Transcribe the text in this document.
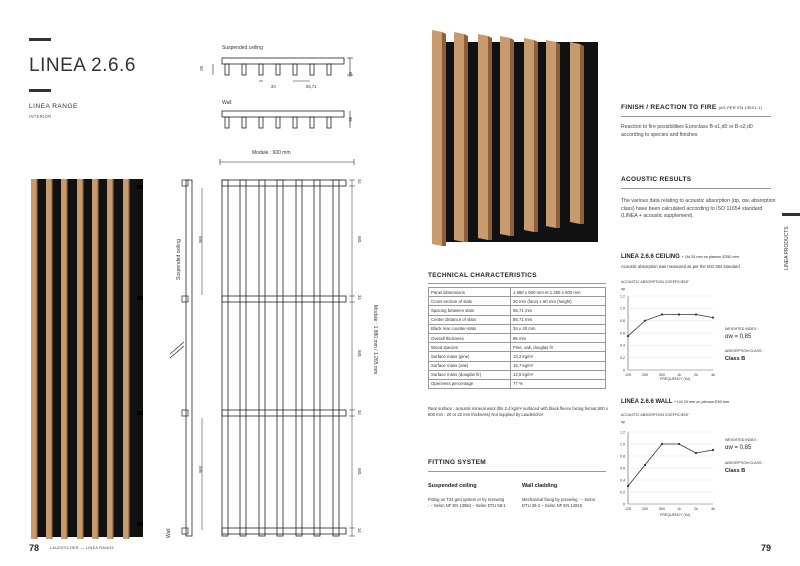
LINEA 2.6.6
LINEA RANGE
INTERIOR
Suspended ceiling
20	65,71
95
60
Wall
95
Module : 600 mm
Suspended ceiling
Wall
595
595
34
581
34
581
34
581
34
Module : 1 880 mm / 1 265 mm
78	LAUDESCHER — LINEA RANGE
FINISH / REACTION TO FIRE (AS PER EN 13501-1)
Reaction to fire possibilities Euroclass B-s1,d0 or B-s2,d0 according to species and finishes
ACOUSTIC RESULTS
The various data relating to acoustic absorption (αp, αw, absorption class) have been calculated according to ISO 11654 standard (LINEA + acoustic supplement).
LINEA PRODUCTS
LINEA 2.6.6 CEILING + LM 20 mm on plenum E250 mm
Acoustic absorption was measured as per the ISO 354 standard
ACOUSTIC ABSORPTION COEFFICIENT
αp
0
0.2
0.4
0.6
0.8
1.0
1.2
125	250	500	1k	2k	4k
FREQUENCY (Hz)
WEIGHTED INDEX :
αw = 0,85
ABSORPTION CLASS :
Class B
LINEA 2.6.6 WALL + LM 20 mm on plenum E50 mm
ACOUSTIC ABSORPTION COEFFICIENT
αp
0
0.2
0.4
0.6
0.8
1.0
1.2
125	250	500	1k	2k	4k
FREQUENCY (Hz)
WEIGHTED INDEX :
αw = 0,85
ABSORPTION CLASS :
Class B
TECHNICAL CHARACTERISTICS
Panel dimensions	1 880 x 600 mm et 1 265 x 600 mm
Cross-section of slats	20 mm (face) x 60 mm (height)
Spacing between slats	65,71 mm
Center distance of slats	85,71 mm
Black rear counter-slats	34 x 40 mm
Overall thickness	95 mm
Wood species	Pine, oak, douglas fir
Surface mass (pine)	13,2 kg/m²
Surface mass (oak)	15,7 kg/m²
Surface mass (douglas fir)	12,8 kg/m²
Openness percentage	77 %
Rear surface : acoustic mineral wool (lbs 2.4 kg/m² surfaced with black fleece facing format 600 x 600 mm : 20 or 22 mm thickness) Not supplied by Laudescher
FITTING SYSTEM
Suspended ceiling
Fitting on T24 grid system or by screwing : – Selon NF EN 13964 – Selon DTU 58-1
Wall cladding
Mechanical fixing by screwing : – Selon DTU 36-2 – Selon NF EN 14915
79
